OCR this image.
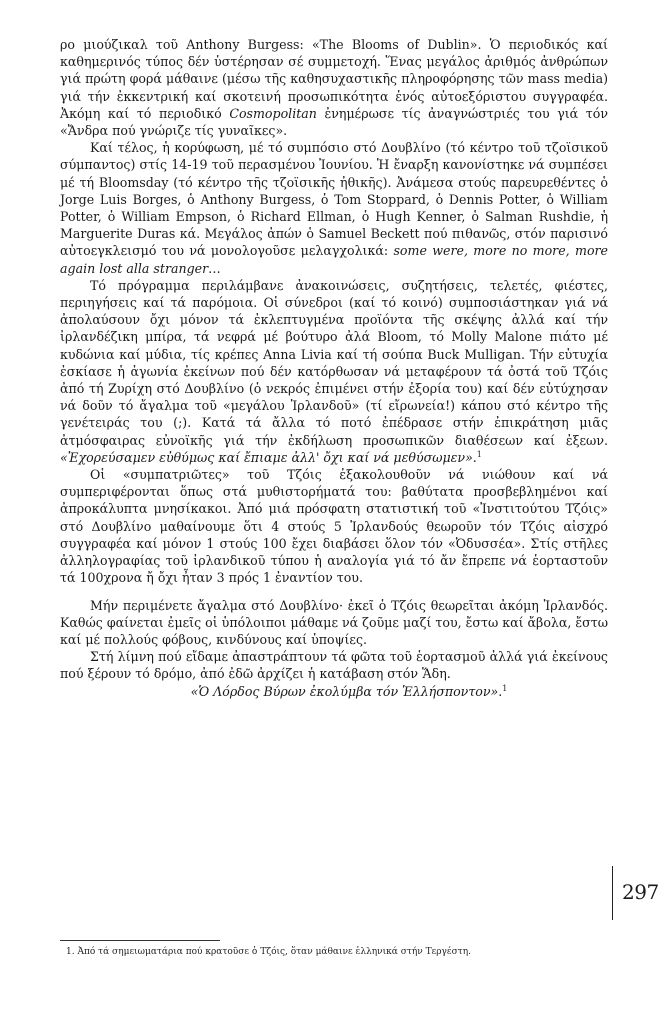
ρο μιούζικαλ τοῦ Anthony Burgess: «The Blooms of Dublin». Ὁ περιοδικός καί καθημερινός τύπος δέν ὑστέρησαν σέ συμμετοχή. Ἕνας μεγάλος ἀριθμός ἀνθρώπων γιά πρώτη φορά μάθαινε (μέσω τῆς καθησυχαστικῆς πληροφόρησης τῶν mass media) γιά τήν ἐκκεντρική καί σκοτεινή προσωπικότητα ἑνός αὐτοεξόριστου συγγραφέα. Ἀκόμη καί τό περιοδικό Cosmopolitan ἐνημέρωσε τίς ἀναγνώστριές του γιά τόν «Ἄνδρα πού γνώριζε τίς γυναῖκες».

Καί τέλος, ἡ κορύφωση, μέ τό συμπόσιο στό Δουβλίνο (τό κέντρο τοῦ τζοϊσικοῦ σύμπαντος) στίς 14-19 τοῦ περασμένου Ἰουνίου. Ἡ ἔναρξη κανονίστηκε νά συμπέσει μέ τή Bloomsday (τό κέντρο τῆς τζοϊσικῆς ἠθικῆς). Ἀνάμεσα στούς παρευρεθέντες ὁ Jorge Luis Borges, ὁ Anthony Burgess, ὁ Tom Stoppard, ὁ Dennis Potter, ὁ William Potter, ὁ William Empson, ὁ Richard Ellman, ὁ Hugh Kenner, ὁ Salman Rushdie, ἡ Marguerite Duras κά. Μεγάλος ἀπών ὁ Samuel Beckett πού πιθανῶς, στόν παρισινό αὐτοεγκλεισμό του νά μονολογοῦσε μελαγχολικά: some were, more no more, more again lost alla stranger…

Τό πρόγραμμα περιλάμβανε ἀνακοινώσεις, συζητήσεις, τελετές, φιέστες, περιηγήσεις καί τά παρόμοια. Οἱ σύνεδροι (καί τό κοινό) συμποσιάστηκαν γιά νά ἀπολαύσουν ὄχι μόνον τά ἐκλεπτυγμένα προϊόντα τῆς σκέψης ἀλλά καί τήν ἰρλανδέζικη μπίρα, τά νεφρά μέ βούτυρο ἀλά Bloom, τό Molly Malone πιάτο μέ κυδώνια καί μύδια, τίς κρέπες Anna Livia καί τή σούπα Buck Mulligan. Τήν εὐτυχία ἐσκίασε ἡ ἀγωνία ἐκείνων πού δέν κατόρθωσαν νά μεταφέρουν τά ὀστά τοῦ Τζόις ἀπό τή Ζυρίχη στό Δουβλίνο (ὁ νεκρός ἐπιμένει στήν ἐξορία του) καί δέν εὐτύχησαν νά δοῦν τό ἄγαλμα τοῦ «μεγάλου Ἰρλανδοῦ» (τί εἴρωνεία!) κάπου στό κέντρο τῆς γενέτειράς του (;). Κατά τά ἄλλα τό ποτό ἐπέδρασε στήν ἐπικράτηση μιᾶς ἀτμόσφαιρας εὐνοϊκῆς γιά τήν ἐκδήλωση προσωπικῶν διαθέσεων καί ἐξεων. «Ἐχορεύσαμεν εὐθύμως καί ἔπιαμε ἀλλ' ὄχι καί νά μεθύσωμεν».$^1$

Οἱ «συμπατριῶτες» τοῦ Τζόις ἐξακολουθοῦν νά νιώθουν καί νά συμπεριφέρονται ὅπως στά μυθιστορήματά του: βαθύτατα προσβεβλημένοι καί ἀπροκάλυπτα μνησίκακοι. Ἀπό μιά πρόσφατη στατιστική τοῦ «Ἰνστιτούτου Τζόις» στό Δουβλίνο μαθαίνουμε ὅτι 4 στούς 5 Ἰρλανδούς θεωροῦν τόν Τζόις αἰσχρό συγγραφέα καί μόνον 1 στούς 100 ἔχει διαβάσει ὅλον τόν «Ὀδυσσέα». Στίς στῆλες ἀλληλογραφίας τοῦ ἰρλανδικοῦ τύπου ἡ αναλογία γιά τό ἄν ἔπρεπε νά ἑορταστοῦν τά 100χρονα ἤ ὄχι ἦταν 3 πρός 1 ἐναντίον του.

Μήν περιμένετε ἄγαλμα στό Δουβλίνο· ἐκεῖ ὁ Τζόις θεωρεῖται ἀκόμη Ἰρλανδός. Καθώς φαίνεται ἐμεῖς οἱ ὑπόλοιποι μάθαμε νά ζοῦμε μαζί του, ἔστω καί ἄβολα, ἔστω καί μέ πολλούς φόβους, κινδύνους καί ὑποψίες.

Στή λίμνη πού εἴδαμε ἀπαστράπτουν τά φῶτα τοῦ ἑορτασμοῦ ἀλλά γιά ἐκείνους πού ξέρουν τό δρόμο, ἀπό ἐδῶ ἀρχίζει ἡ κατάβαση στόν Ἅδη.

«Ὁ Λόρδος Βύρων ἐκολύμβα τόν Ἑλλήσποντον».$^1$

297
1. Ἀπό τά σημειωματάρια πού κρατοῦσε ὁ Τζόις, ὅταν μάθαινε ἑλληνικά στήν Τεργέστη.
